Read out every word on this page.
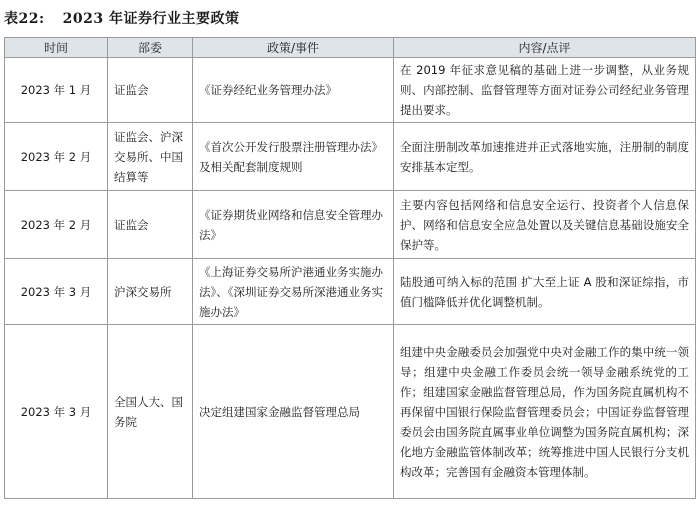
表22: 2023 年证券行业主要政策
时间	部委	政策/事件	内容/点评
2023 年 1 月	证监会	《证券经纪业务管理办法》	在 2019 年征求意见稿的基础上进一步调整，从业务规则、内部控制、监督管理等方面对证券公司经纪业务管理提出要求。
2023 年 2 月	证监会、沪深交易所、中国结算等	《首次公开发行股票注册管理办法》 及相关配套制度规则	全面注册制改革加速推进并正式落地实施，注册制的制度安排基本定型。
2023 年 2 月	证监会	《证券期货业网络和信息安全管理办法》	主要内容包括网络和信息安全运行、投资者个人信息保护、网络和信息安全应急处置以及关键信息基础设施安全保护等。
2023 年 3 月	沪深交易所	《上海证券交易所沪港通业务实施办法》、《深圳证券交易所深港通业务实施办法》	陆股通可纳入标的范围 扩大至上证 A 股和深证综指，市值门槛降低并优化调整机制。
2023 年 3 月	全国人大、国务院	决定组建国家金融监督管理总局	组建中央金融委员会加强党中央对金融工作的集中统一领导；组建中央金融工作委员会统一领导金融系统党的工作；组建国家金融监督管理总局，作为国务院直属机构不再保留中国银行保险监督管理委员会；中国证券监督管理委员会由国务院直属事业单位调整为国务院直属机构；深化地方金融监管体制改革；统筹推进中国人民银行分支机构改革；完善国有金融资本管理体制。
